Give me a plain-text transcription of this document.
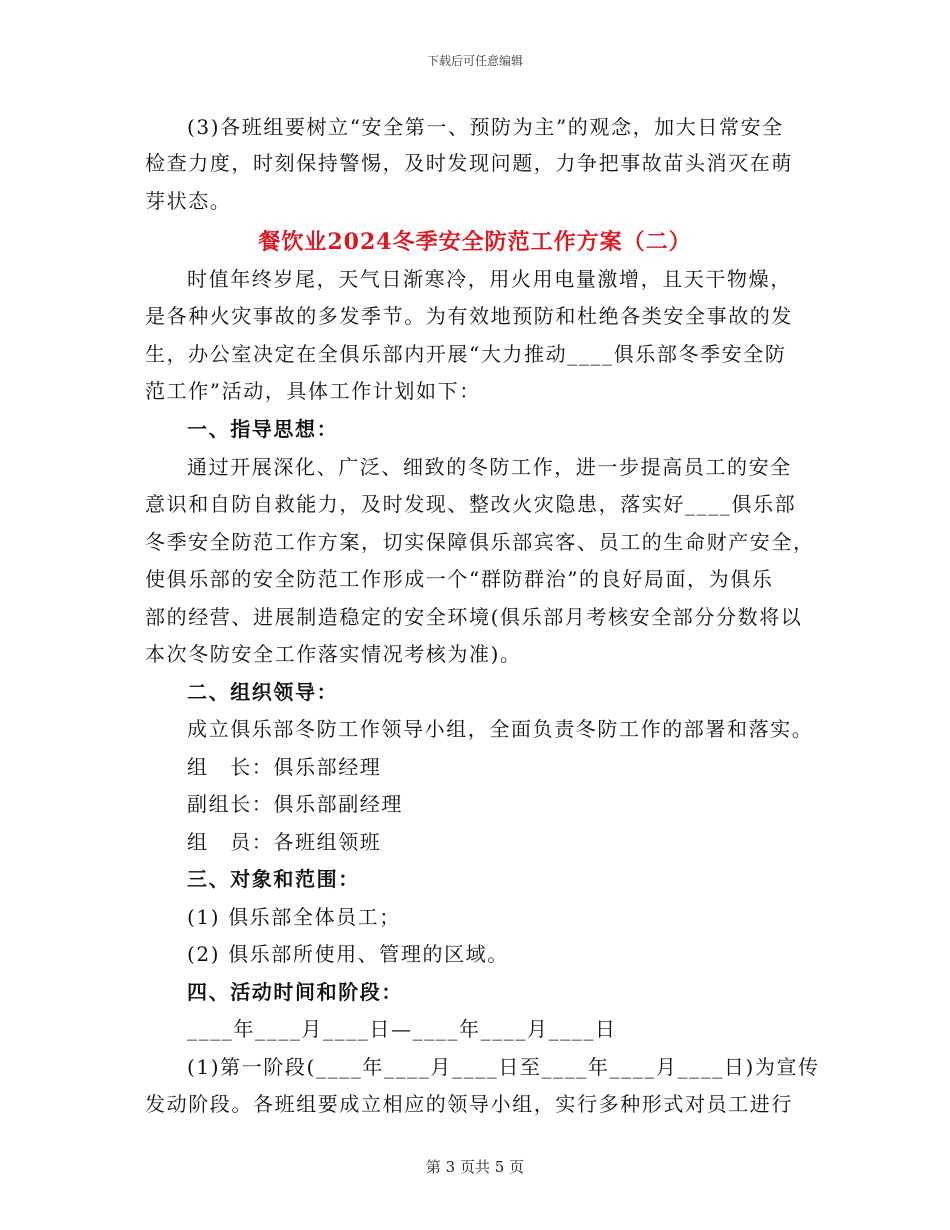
下载后可任意编辑
(3)各班组要树立“安全第一、预防为主”的观念，加大日常安全
检查力度，时刻保持警惕，及时发现问题，力争把事故苗头消灭在萌
芽状态。
餐饮业2024冬季安全防范工作方案（二）
时值年终岁尾，天气日渐寒冷，用火用电量激增，且天干物燥，
是各种火灾事故的多发季节。为有效地预防和杜绝各类安全事故的发
生，办公室决定在全俱乐部内开展“大力推动____俱乐部冬季安全防
范工作”活动，具体工作计划如下：
一、指导思想：
通过开展深化、广泛、细致的冬防工作，进一步提高员工的安全
意识和自防自救能力，及时发现、整改火灾隐患，落实好____俱乐部
冬季安全防范工作方案，切实保障俱乐部宾客、员工的生命财产安全，
使俱乐部的安全防范工作形成一个“群防群治”的良好局面，为俱乐
部的经营、进展制造稳定的安全环境(俱乐部月考核安全部分分数将以
本次冬防安全工作落实情况考核为准)。
二、组织领导：
成立俱乐部冬防工作领导小组，全面负责冬防工作的部署和落实。
组　长：俱乐部经理
副组长：俱乐部副经理
组　员：各班组领班
三、对象和范围：
(1) 俱乐部全体员工；
(2) 俱乐部所使用、管理的区域。
四、活动时间和阶段：
____年____月____日—____年____月____日
(1)第一阶段(____年____月____日至____年____月____日)为宣传
发动阶段。各班组要成立相应的领导小组，实行多种形式对员工进行
第 3 页共 5 页
